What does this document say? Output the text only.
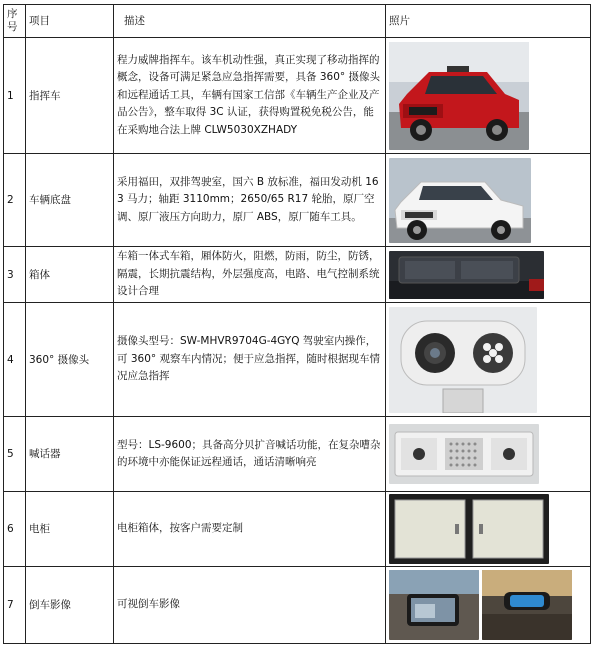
序号	项目	描述	照片
1	指挥车	程力威牌指挥车。该车机动性强，真正实现了移动指挥的概念，设备可满足紧急应急指挥需要，具备 360° 摄像头和远程通话工具，车辆有国家工信部《车辆生产企业及产品公告》，整车取得 3C 认证，获得购置税免税公告，能在采购地合法上牌 CLW5030XZHADY	

2	车辆底盘	采用福田，双排驾驶室，国六 B 放标准，福田发动机 163 马力；轴距 3110mm；2650/65 R17 轮胎，原厂空调、原厂液压方向助力，原厂 ABS，原厂随车工具。	

3	箱体	车箱一体式车箱，厢体防火，阻燃，防雨，防尘，防锈，隔震，长期抗震结构，外层强度高，电路、电气控制系统设计合理	

4	360° 摄像头	摄像头型号：SW-MHVR9704G-4GYQ 驾驶室内操作，可 360° 观察车内情况；便于应急指挥，随时根据现车情况应急指挥	

5	喊话器	型号：LS-9600；具备高分贝扩音喊话功能，在复杂嘈杂的环境中亦能保证远程通话，通话清晰响亮	

6	电柜	电柜箱体，按客户需要定制	

7	倒车影像	可视倒车影像	
